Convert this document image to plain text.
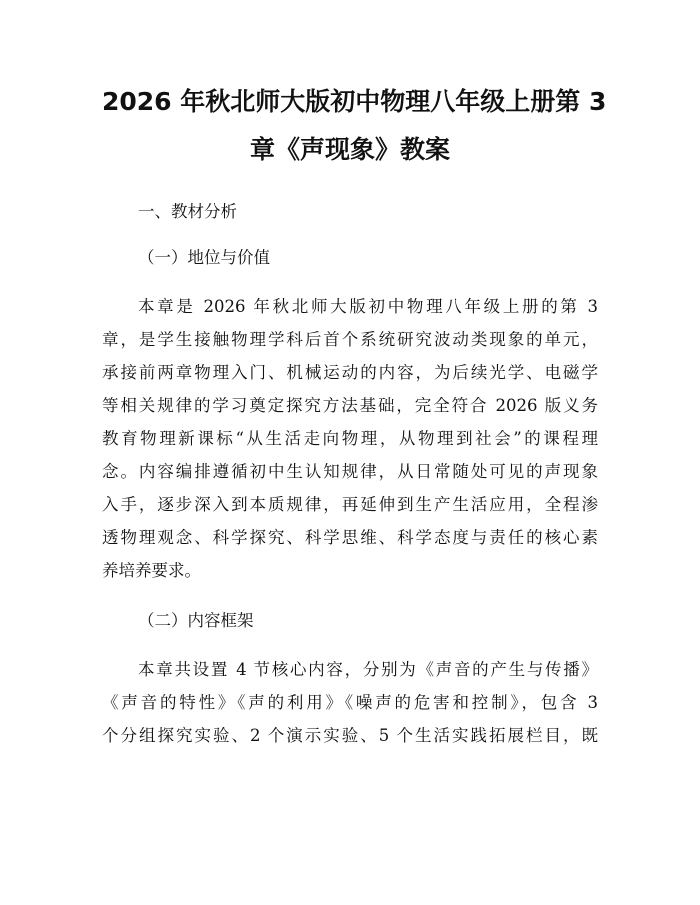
2026 年秋北师大版初中物理八年级上册第 3
章《声现象》教案

一、教材分析

（一）地位与价值

本章是 2026 年秋北师大版初中物理八年级上册的第 3
章，是学生接触物理学科后首个系统研究波动类现象的单元，
承接前两章物理入门、机械运动的内容，为后续光学、电磁学
等相关规律的学习奠定探究方法基础，完全符合 2026 版义务
教育物理新课标“从生活走向物理，从物理到社会”的课程理
念。内容编排遵循初中生认知规律，从日常随处可见的声现象
入手，逐步深入到本质规律，再延伸到生产生活应用，全程渗
透物理观念、科学探究、科学思维、科学态度与责任的核心素
养培养要求。

（二）内容框架

本章共设置 4 节核心内容，分别为《声音的产生与传播》
《声音的特性》《声的利用》《噪声的危害和控制》，包含 3
个分组探究实验、2 个演示实验、5 个生活实践拓展栏目，既
